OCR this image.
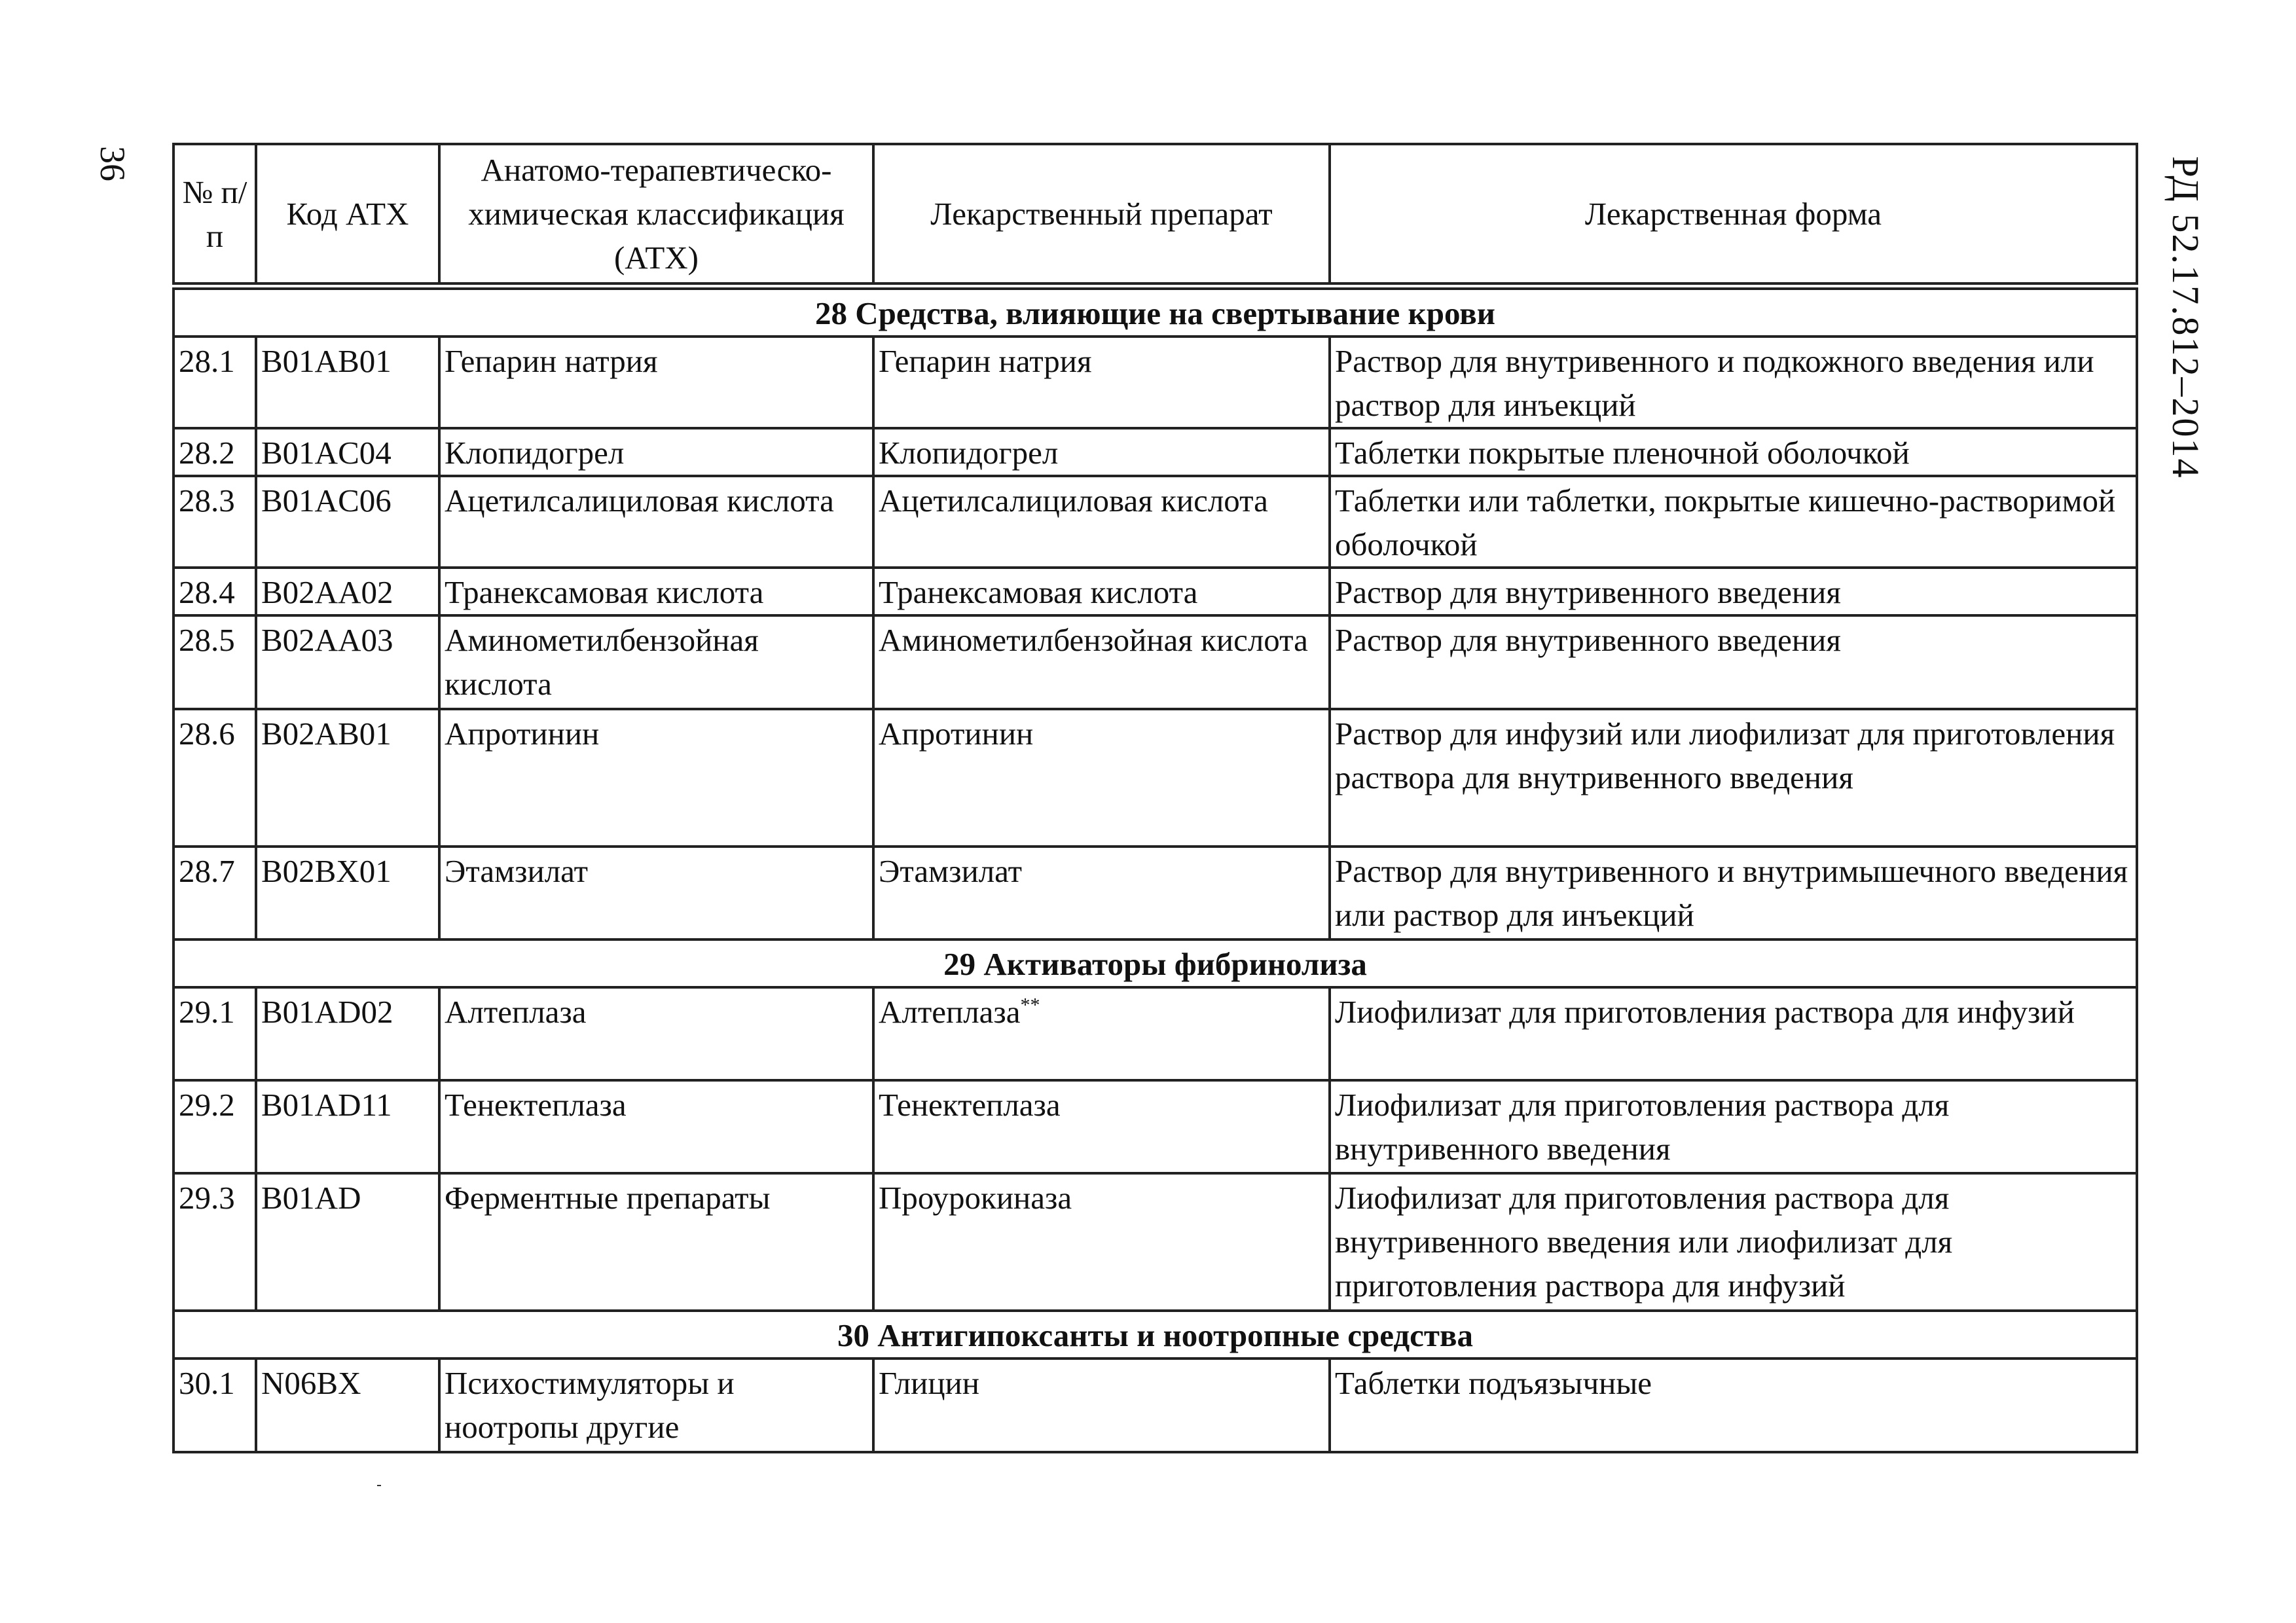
36	РД 52.17.812–2014
№ п/п	Код АТХ	Анатомо-терапевтическо-химическая классификация (АТХ)	Лекарственный препарат	Лекарственная форма
28 Средства, влияющие на свертывание крови				
28.1	B01AB01	Гепарин натрия	Гепарин натрия	Раствор для внутривенного и подкожного введения или раствор для инъекций
28.2	B01AC04	Клопидогрел	Клопидогрел	Таблетки покрытые пленочной оболочкой
28.3	B01AC06	Ацетилсалициловая кислота	Ацетилсалициловая кислота	Таблетки или таблетки, покрытые кишечно-растворимой оболочкой
28.4	B02AA02	Транексамовая кислота	Транексамовая кислота	Раствор для внутривенного введения
28.5	B02AA03	Аминометилбензойная кислота	Аминометилбензойная кислота	Раствор для внутривенного введения
28.6	B02AB01	Апротинин	Апротинин	Раствор для инфузий или лиофилизат для приготовления раствора для внутривенного введения
28.7	B02BX01	Этамзилат	Этамзилат	Раствор для внутривенного и внутримышечного введения или раствор для инъекций
29 Активаторы фибринолиза				
29.1	B01AD02	Алтеплаза	Алтеплаза**	Лиофилизат для приготовления раствора для инфузий
29.2	B01AD11	Тенектеплаза	Тенектеплаза	Лиофилизат для приготовления раствора для внутривенного введения
29.3	B01AD	Ферментные препараты	Проурокиназа	Лиофилизат для приготовления раствора для внутривенного введения или лиофилизат для приготовления раствора для инфузий
30 Антигипоксанты и ноотропные средства				
30.1	N06BX	Психостимуляторы и ноотропы другие	Глицин	Таблетки подъязычные
